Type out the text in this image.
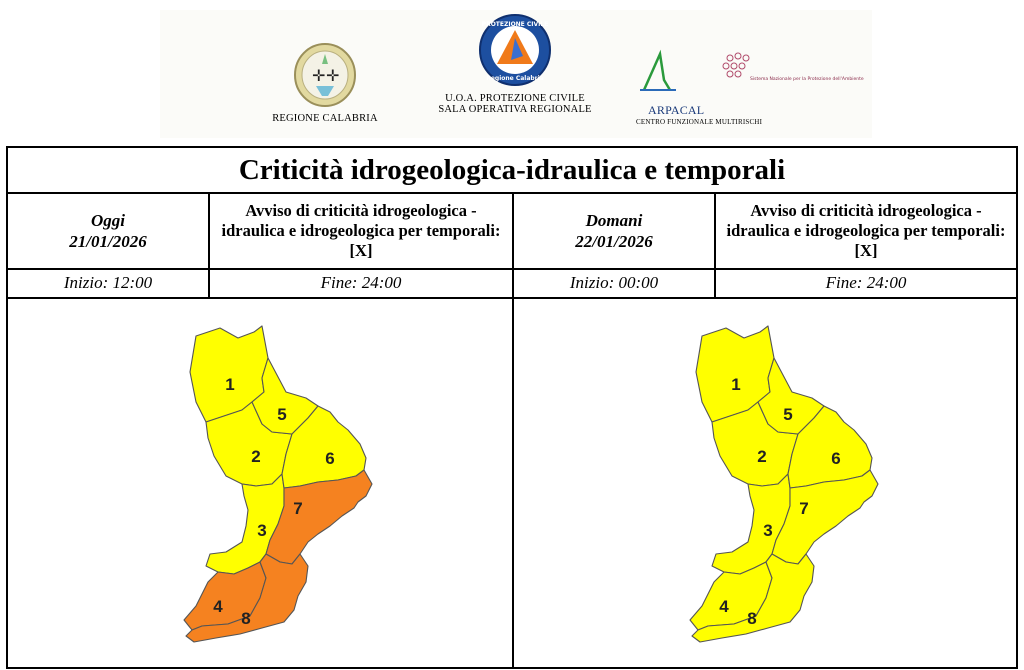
✛ ✛
REGIONE CALABRIA
PROTEZIONE CIVILE
Regione Calabria
U.O.A. PROTEZIONE CIVILE
SALA OPERATIVA REGIONALE
Sistema Nazionale per la Protezione dell'Ambiente
ARPACAL
CENTRO FUNZIONALE MULTIRISCHI
Criticità idrogeologica-idraulica e temporali
Oggi
21/01/2026
Avviso di criticità idrogeologica - idraulica e idrogeologica per temporali: [X]
Inizio: 12:00	Fine: 24:00
Domani
22/01/2026
Avviso di criticità idrogeologica - idraulica e idrogeologica per temporali: [X]
Inizio: 00:00	Fine: 24:00
1
2
3
4
5
6
7
8
1
2
3
4
5
6
7
8
